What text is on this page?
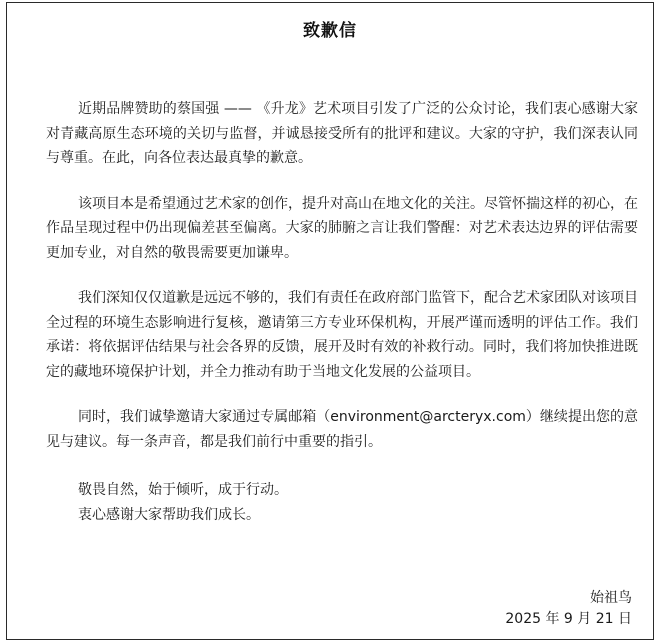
致歉信

近期品牌赞助的蔡国强 —— 《升龙》艺术项目引发了广泛的公众讨论，我们衷心感谢大家对青藏高原生态环境的关切与监督，并诚恳接受所有的批评和建议。大家的守护，我们深表认同与尊重。在此，向各位表达最真挚的歉意。

该项目本是希望通过艺术家的创作，提升对高山在地文化的关注。尽管怀揣这样的初心，在作品呈现过程中仍出现偏差甚至偏离。大家的肺腑之言让我们警醒：对艺术表达边界的评估需要更加专业，对自然的敬畏需要更加谦卑。

我们深知仅仅道歉是远远不够的，我们有责任在政府部门监管下，配合艺术家团队对该项目全过程的环境生态影响进行复核，邀请第三方专业环保机构，开展严谨而透明的评估工作。我们承诺：将依据评估结果与社会各界的反馈，展开及时有效的补救行动。同时，我们将加快推进既定的藏地环境保护计划，并全力推动有助于当地文化发展的公益项目。

同时，我们诚挚邀请大家通过专属邮箱（environment@arcteryx.com）继续提出您的意见与建议。每一条声音，都是我们前行中重要的指引。

敬畏自然，始于倾听，成于行动。
衷心感谢大家帮助我们成长。
始祖鸟
2025 年 9 月 21 日
